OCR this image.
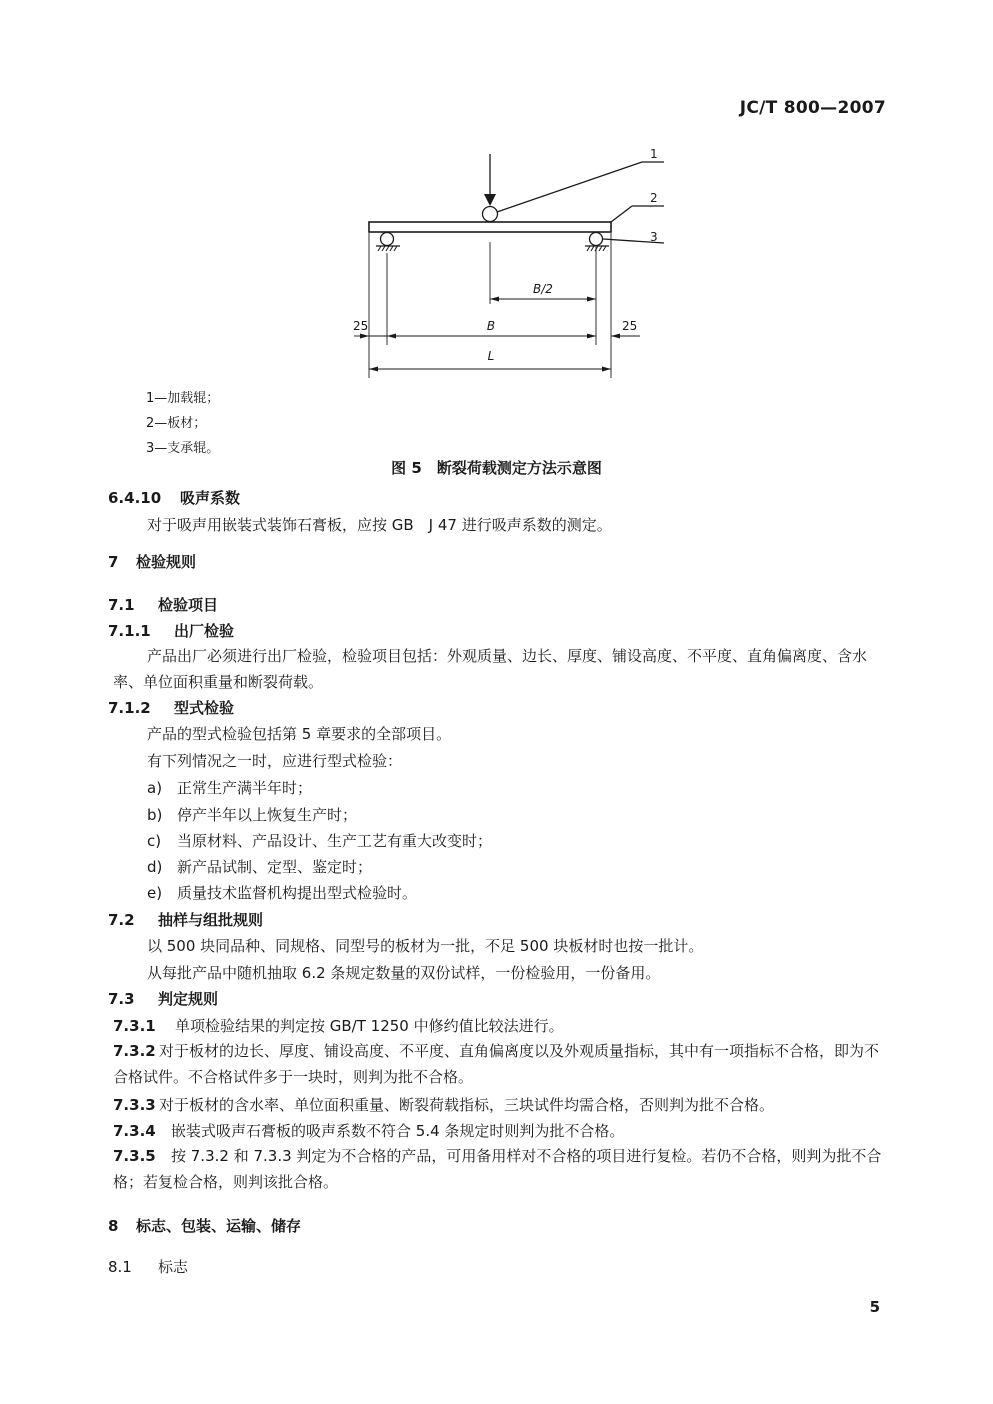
JC/T 800—2007
1
2
3
B/2
B
L
25	25
1—加载辊；
2—板材；
3—支承辊。
图 5　断裂荷载测定方法示意图
6.4.10 吸声系数
对于吸声用嵌装式装饰石膏板，应按 GB　J 47 进行吸声系数的测定。
7 检验规则
7.1 检验项目
7.1.1 出厂检验
产品出厂必须进行出厂检验，检验项目包括：外观质量、边长、厚度、铺设高度、不平度、直角偏离度、含水率、单位面积重量和断裂荷载。
7.1.2 型式检验
产品的型式检验包括第 5 章要求的全部项目。
有下列情况之一时，应进行型式检验：
a) 正常生产满半年时；
b) 停产半年以上恢复生产时；
c) 当原材料、产品设计、生产工艺有重大改变时；
d) 新产品试制、定型、鉴定时；
e) 质量技术监督机构提出型式检验时。
7.2 抽样与组批规则
以 500 块同品种、同规格、同型号的板材为一批，不足 500 块板材时也按一批计。
从每批产品中随机抽取 6.2 条规定数量的双份试样，一份检验用，一份备用。
7.3 判定规则
7.3.1 单项检验结果的判定按 GB/T 1250 中修约值比较法进行。
7.3.2 对于板材的边长、厚度、铺设高度、不平度、直角偏离度以及外观质量指标，其中有一项指标不合格，即为不合格试件。不合格试件多于一块时，则判为批不合格。
7.3.3 对于板材的含水率、单位面积重量、断裂荷载指标，三块试件均需合格，否则判为批不合格。
7.3.4 嵌装式吸声石膏板的吸声系数不符合 5.4 条规定时则判为批不合格。
7.3.5 按 7.3.2 和 7.3.3 判定为不合格的产品，可用备用样对不合格的项目进行复检。若仍不合格，则判为批不合格；若复检合格，则判该批合格。
8 标志、包装、运输、储存
8.1 标志
5
